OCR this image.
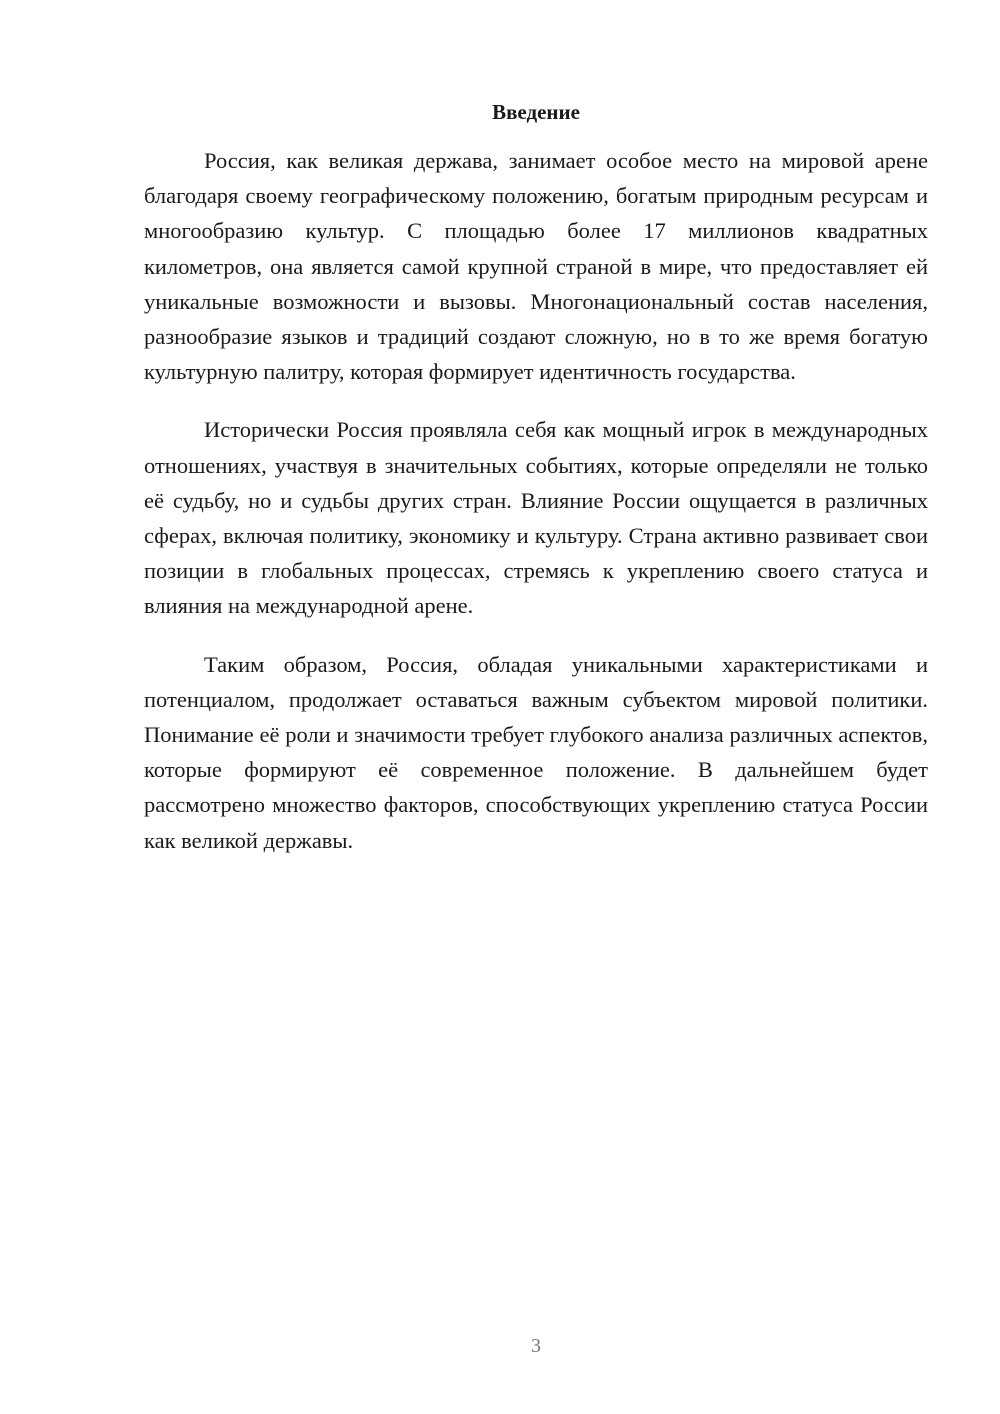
Введение

Россия, как великая держава, занимает особое место на мировой арене благодаря своему географическому положению, богатым природным ресурсам и многообразию культур. С площадью более 17 миллионов квадратных километров, она является самой крупной страной в мире, что предоставляет ей уникальные возможности и вызовы. Многонациональный состав населения, разнообразие языков и традиций создают сложную, но в то же время богатую культурную палитру, которая формирует идентичность государства.

Исторически Россия проявляла себя как мощный игрок в международных отношениях, участвуя в значительных событиях, которые определяли не только её судьбу, но и судьбы других стран. Влияние России ощущается в различных сферах, включая политику, экономику и культуру. Страна активно развивает свои позиции в глобальных процессах, стремясь к укреплению своего статуса и влияния на международной арене.

Таким образом, Россия, обладая уникальными характеристиками и потенциалом, продолжает оставаться важным субъектом мировой политики. Понимание её роли и значимости требует глубокого анализа различных аспектов, которые формируют её современное положение. В дальнейшем будет рассмотрено множество факторов, способствующих укреплению статуса России как великой державы.

3
